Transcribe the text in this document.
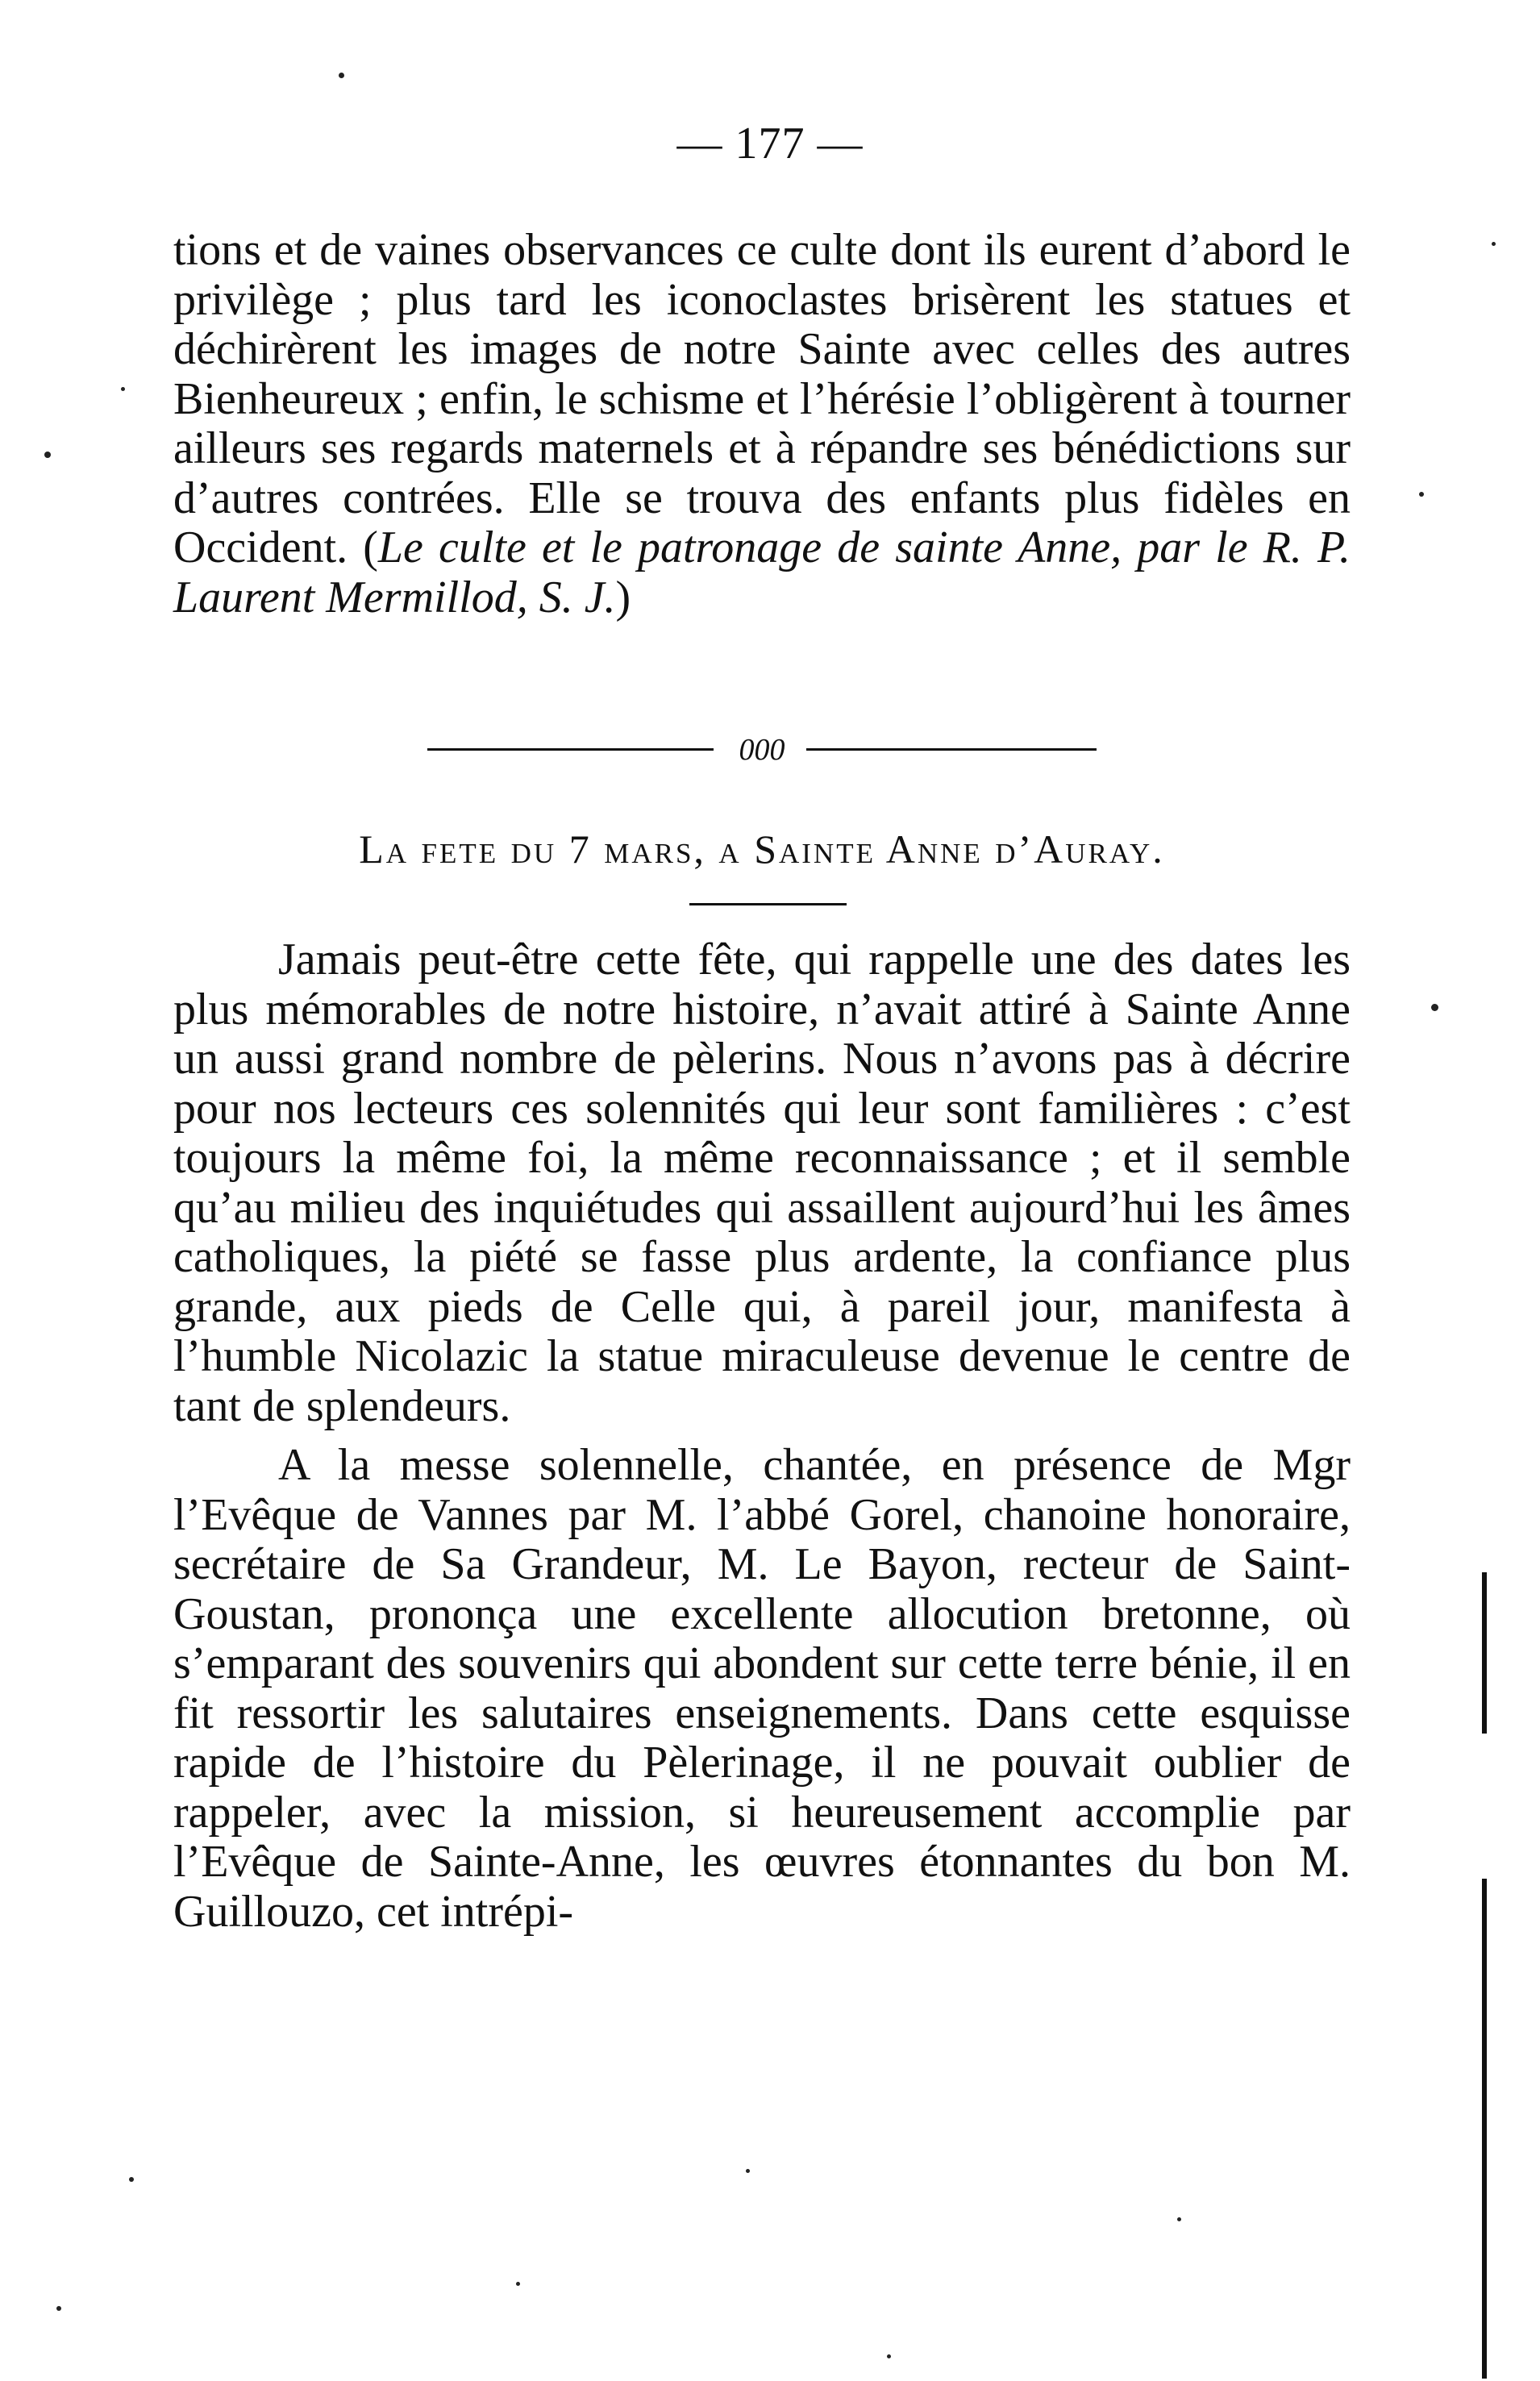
— 177 —

tions et de vaines observances ce culte dont ils eurent d’abord le privilège ; plus tard les iconoclastes brisèrent les statues et déchirèrent les images de notre Sainte avec celles des autres Bienheureux ; enfin, le schisme et l’hérésie l’obligèrent à tourner ailleurs ses regards maternels et à répandre ses bénédictions sur d’autres contrées. Elle se trouva des enfants plus fidèles en Occident. (Le culte et le patronage de sainte Anne, par le R. P. Laurent Mermillod, S. J.)

000
La fete du 7 mars, a Sainte Anne d’Auray.

Jamais peut-être cette fête, qui rappelle une des dates les plus mémorables de notre histoire, n’avait attiré à Sainte Anne un aussi grand nombre de pèlerins. Nous n’avons pas à décrire pour nos lecteurs ces solennités qui leur sont familières : c’est toujours la même foi, la même reconnaissance ; et il semble qu’au milieu des inquiétudes qui assaillent aujourd’hui les âmes catholiques, la piété se fasse plus ardente, la confiance plus grande, aux pieds de Celle qui, à pareil jour, manifesta à l’humble Nicolazic la statue miraculeuse devenue le centre de tant de splendeurs.

A la messe solennelle, chantée, en présence de Mgr l’Evêque de Vannes par M. l’abbé Gorel, chanoine honoraire, secrétaire de Sa Grandeur, M. Le Bayon, recteur de Saint-Goustan, prononça une excellente allocution bretonne, où s’emparant des souvenirs qui abondent sur cette terre bénie, il en fit ressortir les salutaires enseignements. Dans cette esquisse rapide de l’histoire du Pèlerinage, il ne pouvait oublier de rappeler, avec la mission, si heureusement accomplie par l’Evêque de Sainte-Anne, les œuvres étonnantes du bon M. Guillouzo, cet intrépi-
